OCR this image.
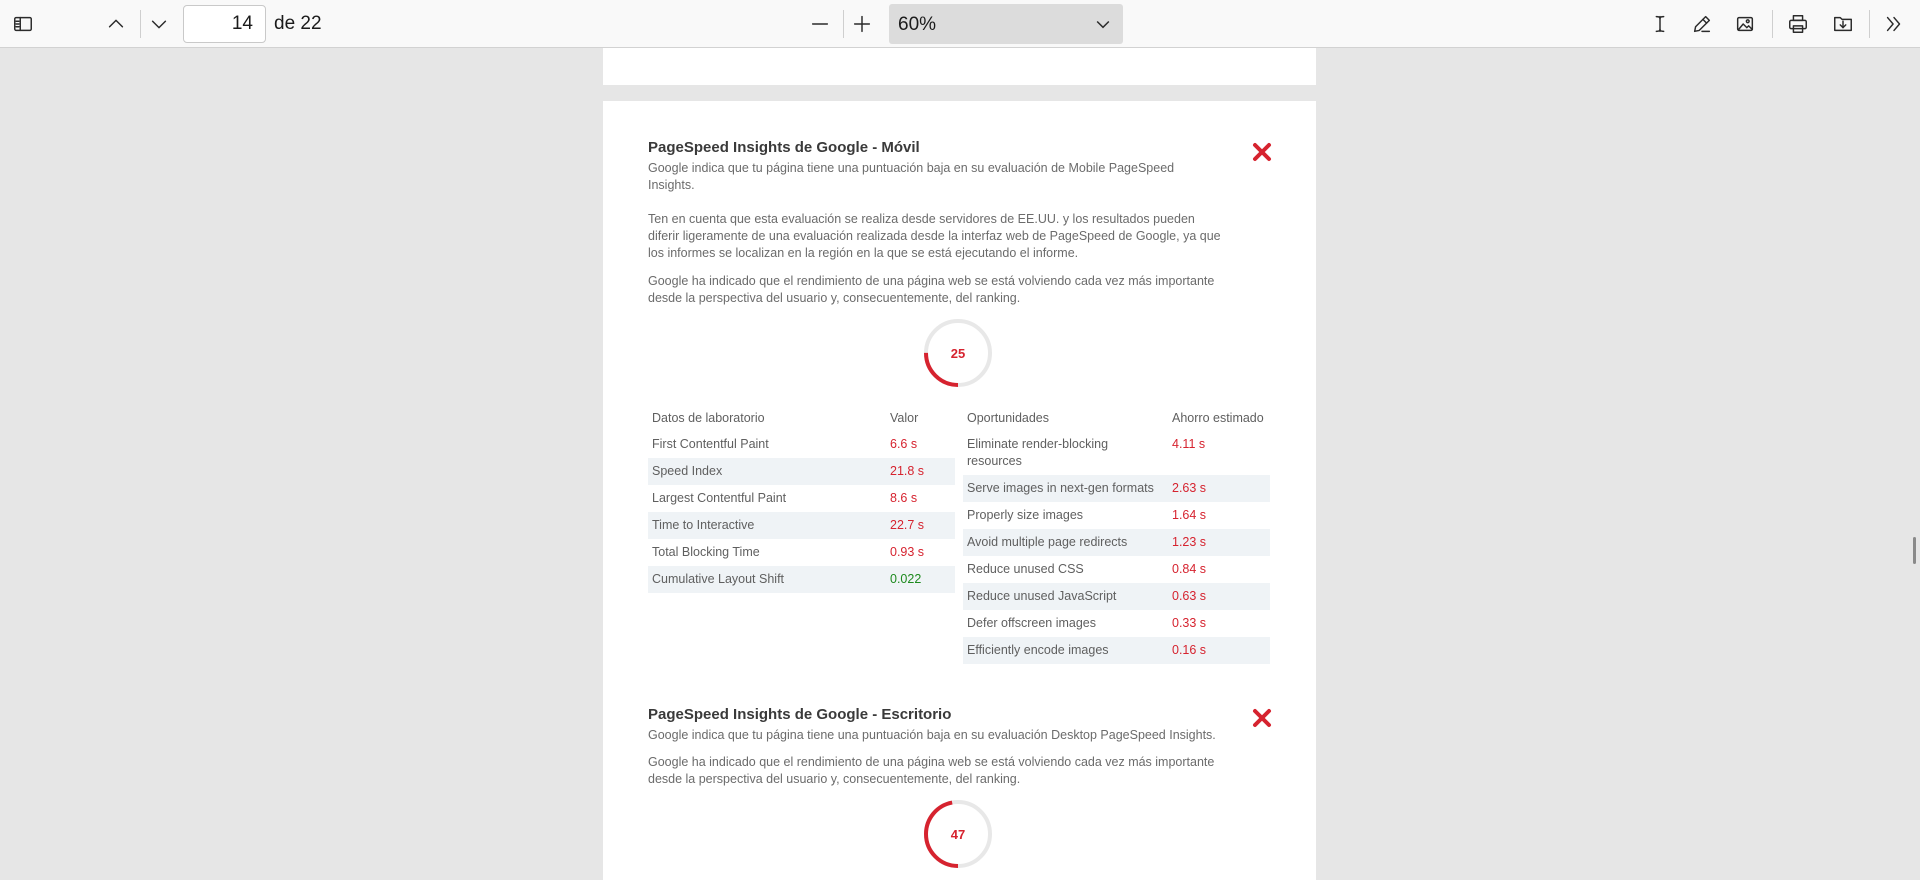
14
de 22	60%
PageSpeed Insights de Google - Móvil
Google indica que tu página tiene una puntuación baja en su evaluación de Mobile PageSpeed Insights.
Ten en cuenta que esta evaluación se realiza desde servidores de EE.UU. y los resultados pueden diferir ligeramente de una evaluación realizada desde la interfaz web de PageSpeed de Google, ya que los informes se localizan en la región en la que se está ejecutando el informe.
Google ha indicado que el rendimiento de una página web se está volviendo cada vez más importante desde la perspectiva del usuario y, consecuentemente, del ranking.
25
Datos de laboratorio	Valor
First Contentful Paint	6.6 s
Speed Index	21.8 s
Largest Contentful Paint	8.6 s
Time to Interactive	22.7 s
Total Blocking Time	0.93 s
Cumulative Layout Shift	0.022
Oportunidades	Ahorro estimado
Eliminate render-blocking resources	4.11 s
Serve images in next-gen formats	2.63 s
Properly size images	1.64 s
Avoid multiple page redirects	1.23 s
Reduce unused CSS	0.84 s
Reduce unused JavaScript	0.63 s
Defer offscreen images	0.33 s
Efficiently encode images	0.16 s
PageSpeed Insights de Google - Escritorio
Google indica que tu página tiene una puntuación baja en su evaluación Desktop PageSpeed Insights.
Google ha indicado que el rendimiento de una página web se está volviendo cada vez más importante desde la perspectiva del usuario y, consecuentemente, del ranking.
47
